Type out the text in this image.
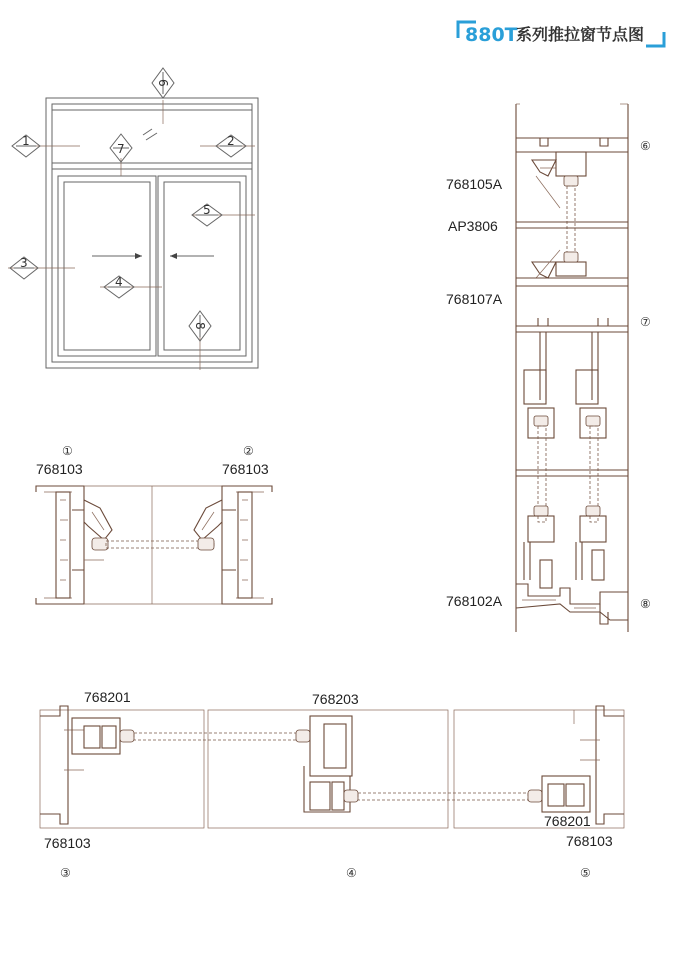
880T
系列推拉窗节点图
1	2
3
4
5
6
7
8
①	②
768103	768103
⑥
⑦
⑧
768105A
AP3806
768107A
768102A
768201	768203
768103
768201
768103
③	④	⑤
